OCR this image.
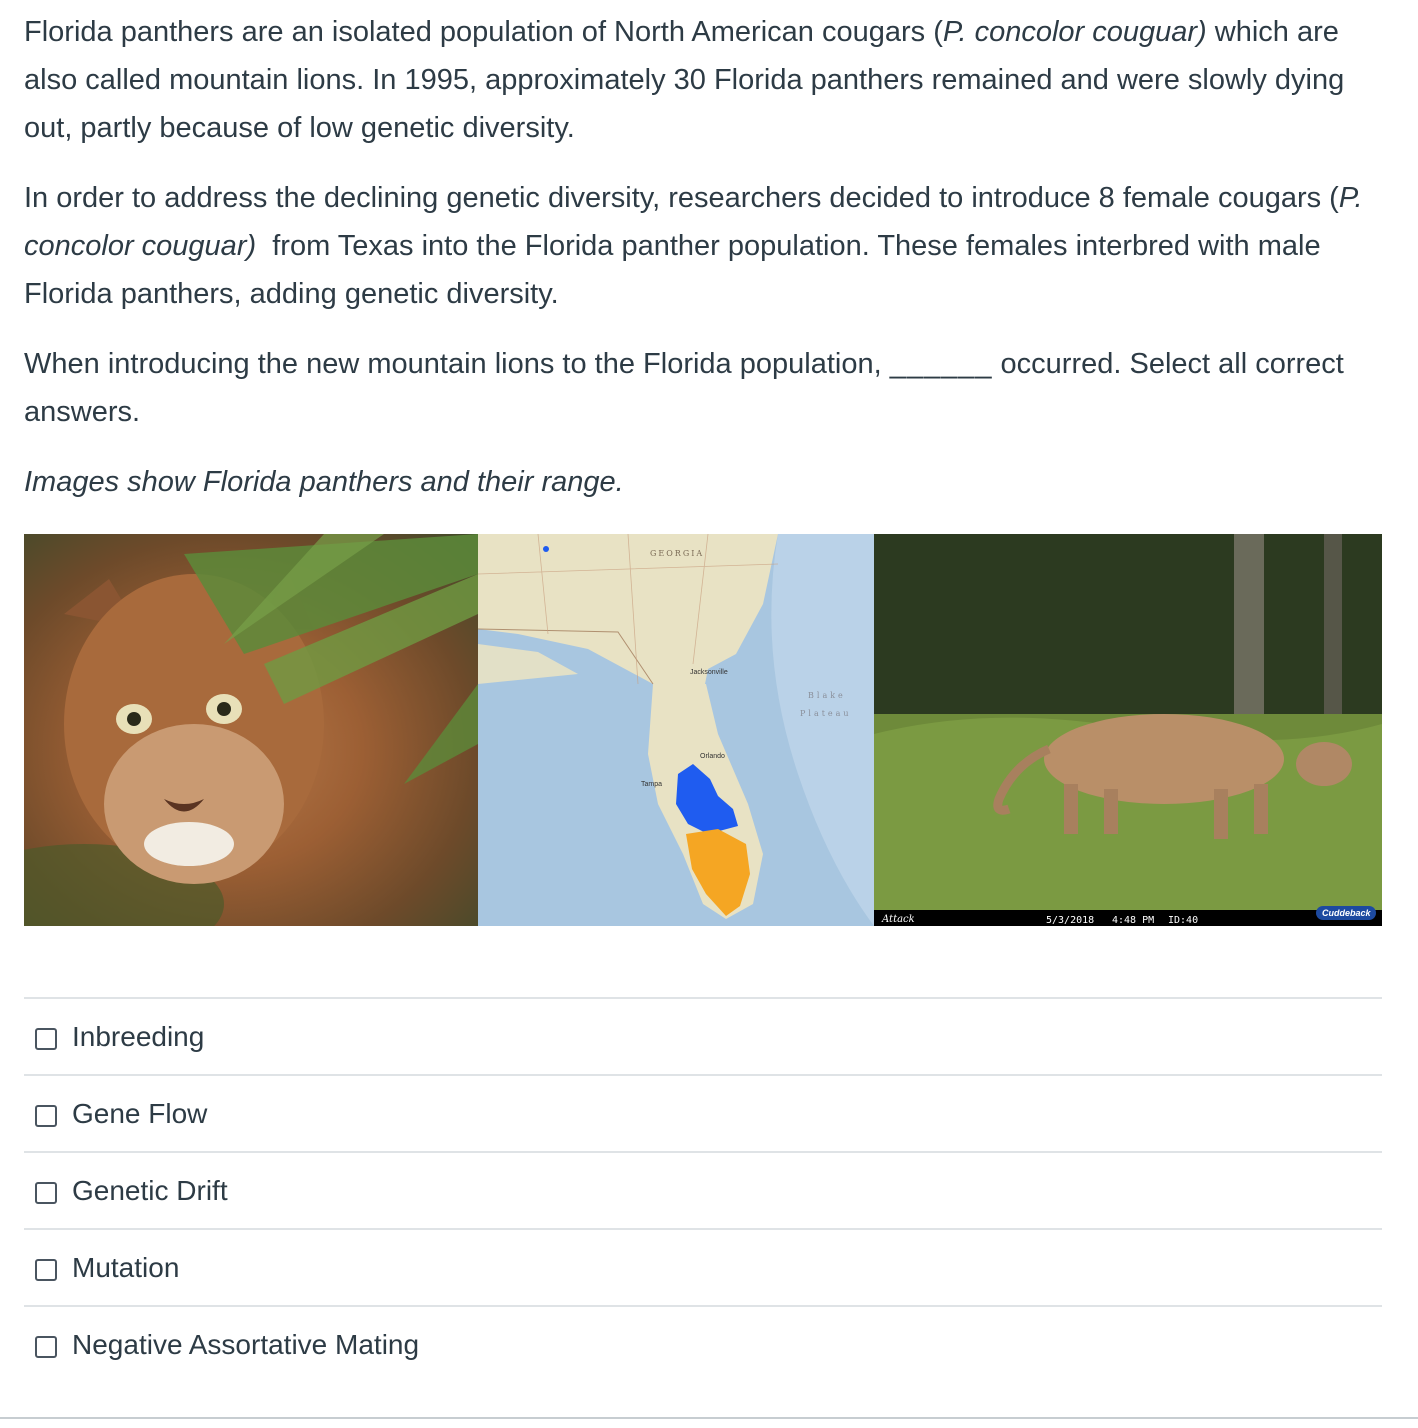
Florida panthers are an isolated population of North American cougars (P. concolor couguar) which are also called mountain lions. In 1995, approximately 30 Florida panthers remained and were slowly dying out, partly because of low genetic diversity.

In order to address the declining genetic diversity, researchers decided to introduce 8 female cougars (P. concolor couguar)  from Texas into the Florida panther population. These females interbred with male Florida panthers, adding genetic diversity.

When introducing the new mountain lions to the Florida population, ______ occurred. Select all correct answers.

Images show Florida panthers and their range.

GEORGIA
Jacksonville
Orlando
Tampa
Blake
Plateau
Attack	5/3/2018 4:48 PM ID:40
Cuddeback
Inbreeding
Gene Flow
Genetic Drift
Mutation
Negative Assortative Mating
